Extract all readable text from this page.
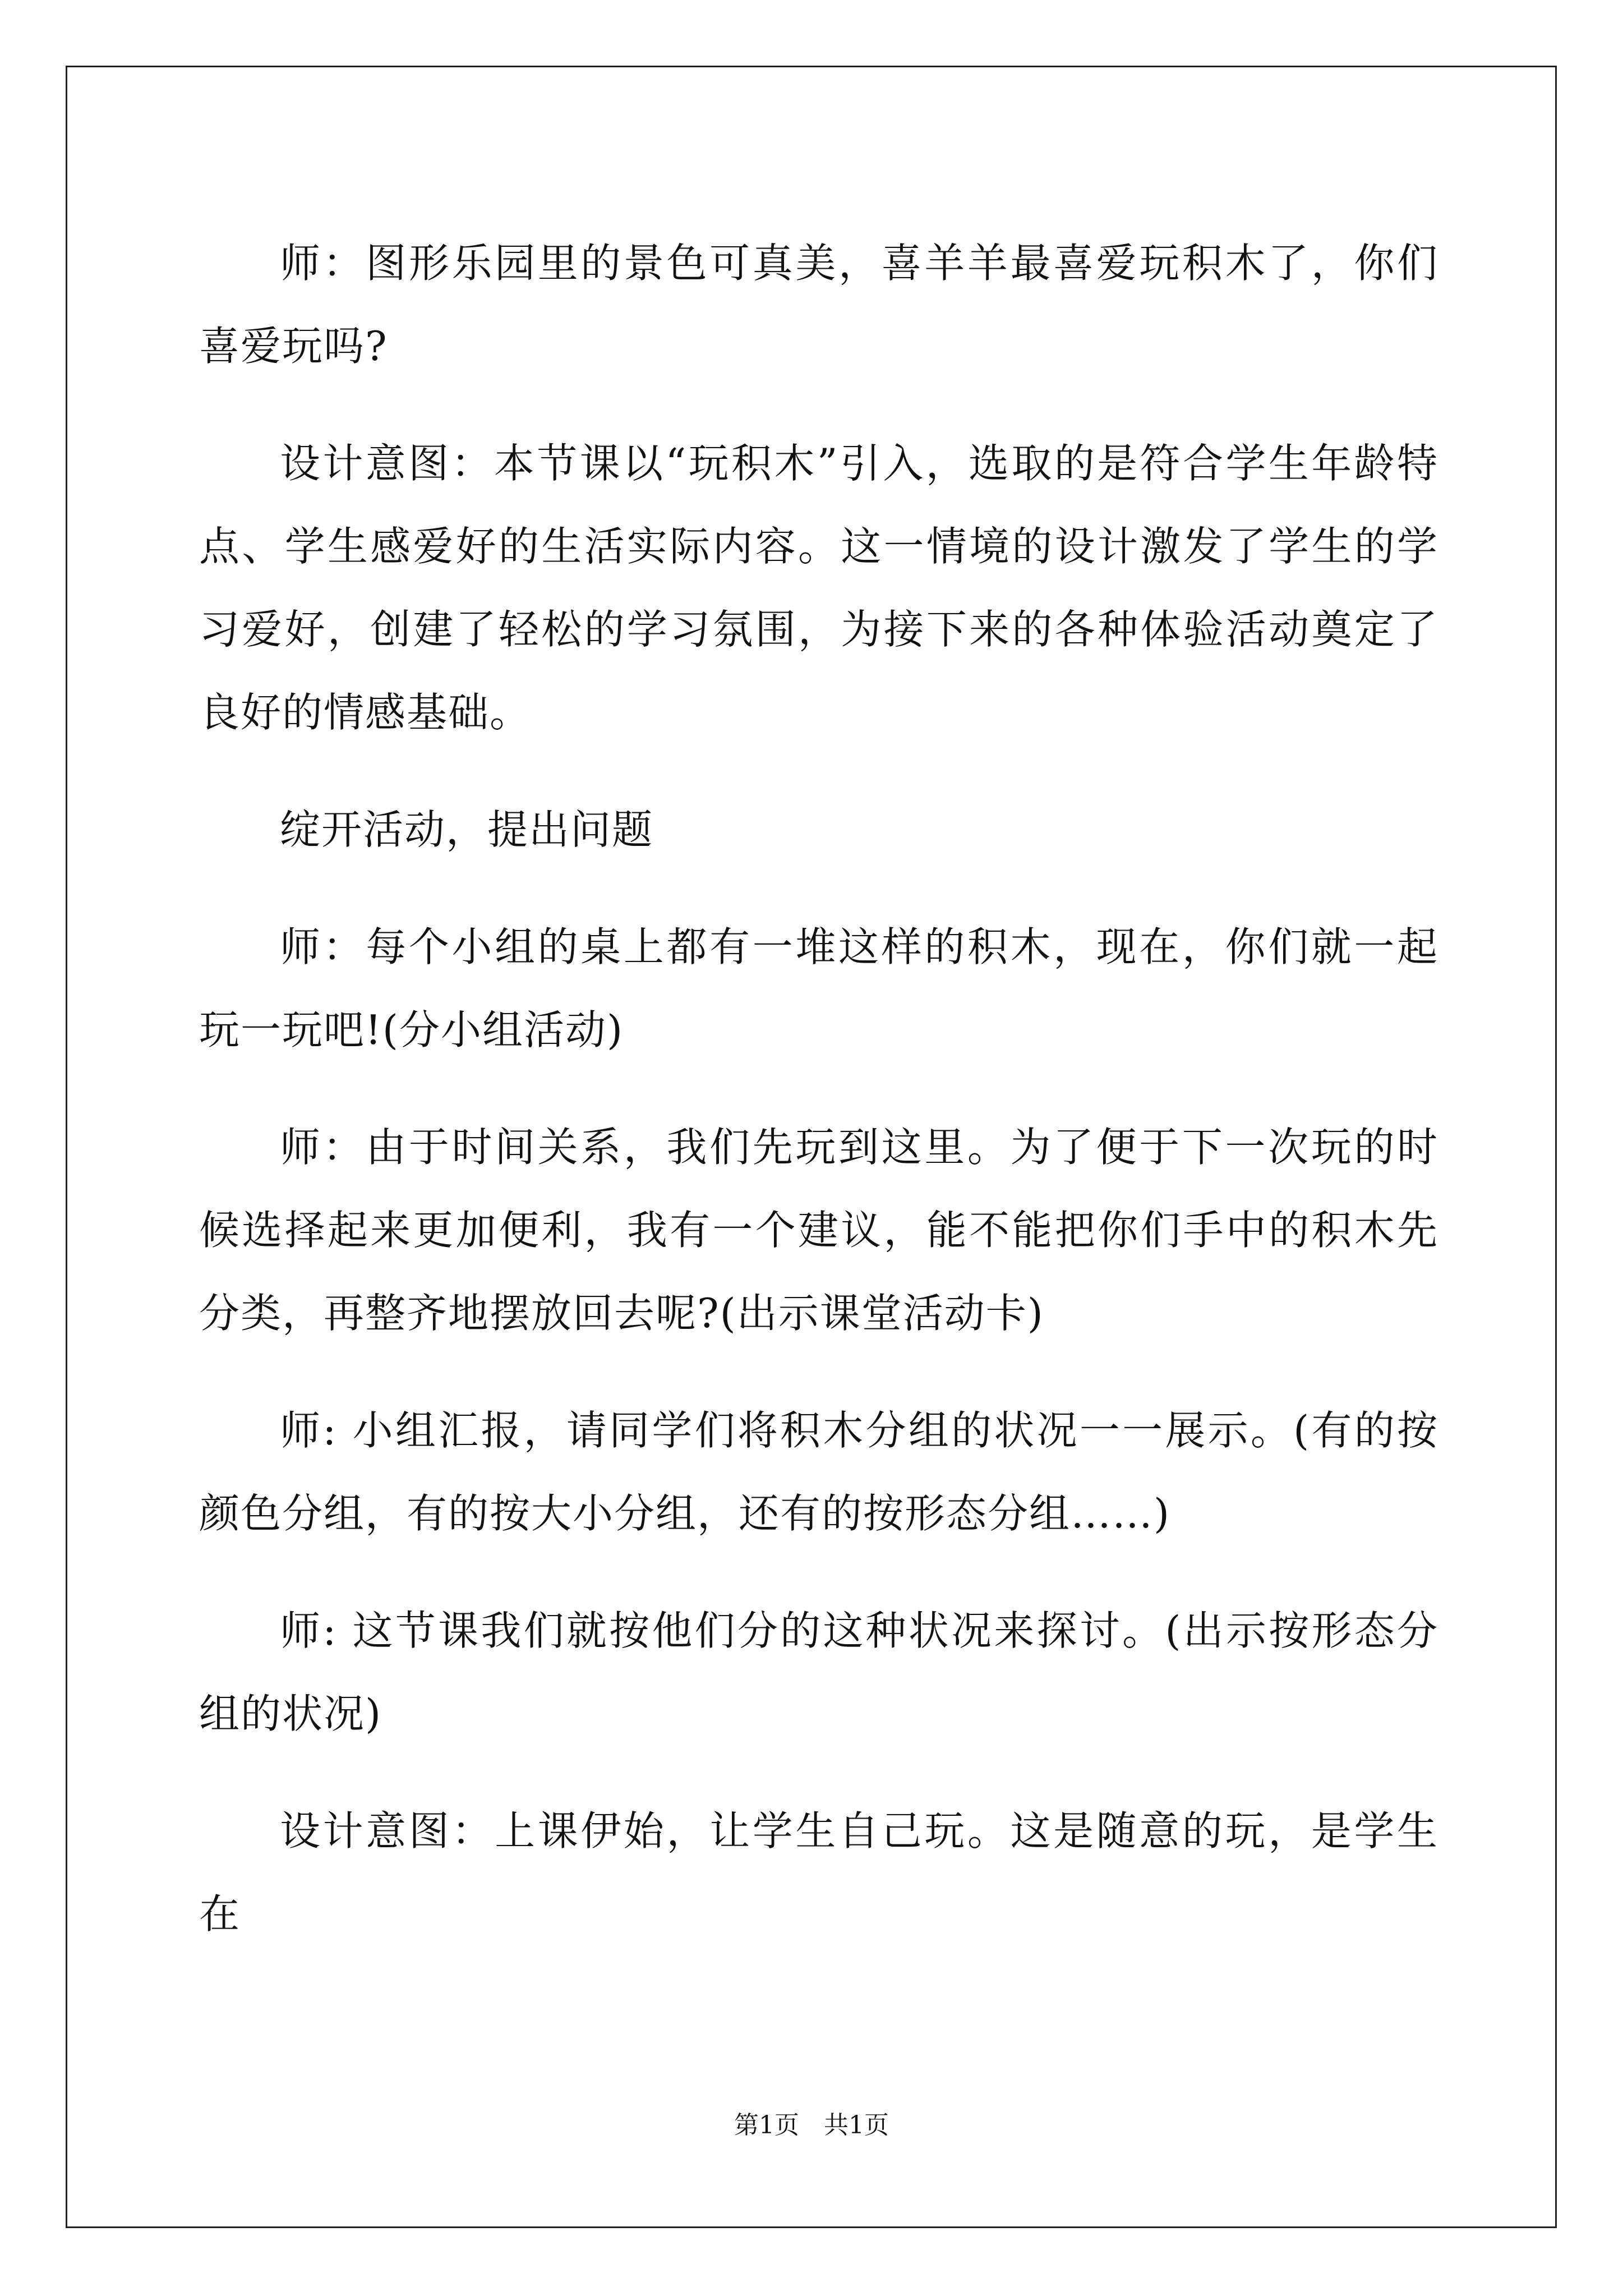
师：图形乐园里的景色可真美，喜羊羊最喜爱玩积木了，你们喜爱玩吗?

设计意图：本节课以“玩积木”引入，选取的是符合学生年龄特点、学生感爱好的生活实际内容。这一情境的设计激发了学生的学习爱好，创建了轻松的学习氛围，为接下来的各种体验活动奠定了良好的情感基础。

绽开活动，提出问题

师：每个小组的桌上都有一堆这样的积木，现在，你们就一起玩一玩吧!(分小组活动)

师：由于时间关系，我们先玩到这里。为了便于下一次玩的时候选择起来更加便利，我有一个建议，能不能把你们手中的积木先分类，再整齐地摆放回去呢?(出示课堂活动卡)

师: 小组汇报，请同学们将积木分组的状况一一展示。(有的按颜色分组，有的按大小分组，还有的按形态分组……)

师: 这节课我们就按他们分的这种状况来探讨。(出示按形态分组的状况)

设计意图：上课伊始，让学生自己玩。这是随意的玩，是学生在

第1页 共1页
